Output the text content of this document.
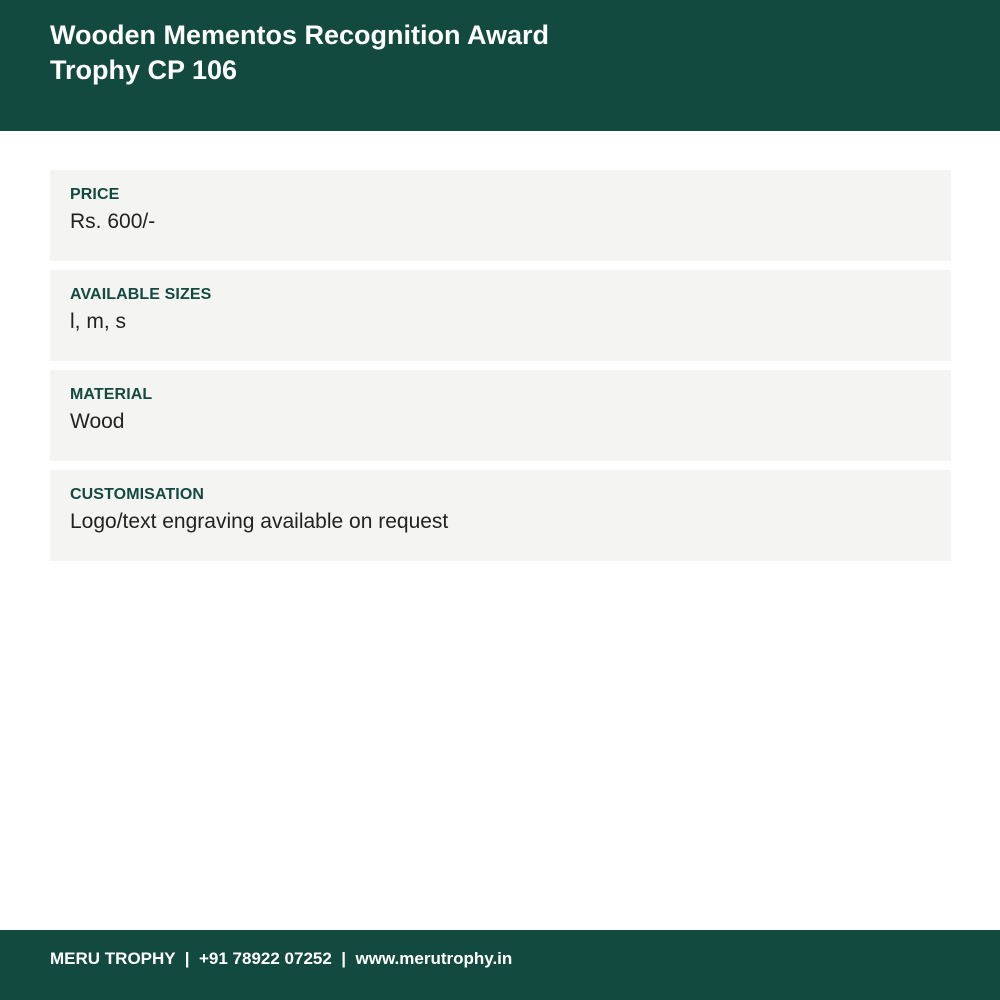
Wooden Mementos Recognition Award
Trophy CP 106
PRICE
Rs. 600/-
AVAILABLE SIZES
l, m, s
MATERIAL
Wood
CUSTOMISATION
Logo/text engraving available on request
MERU TROPHY | +91 78922 07252 | www.merutrophy.in
